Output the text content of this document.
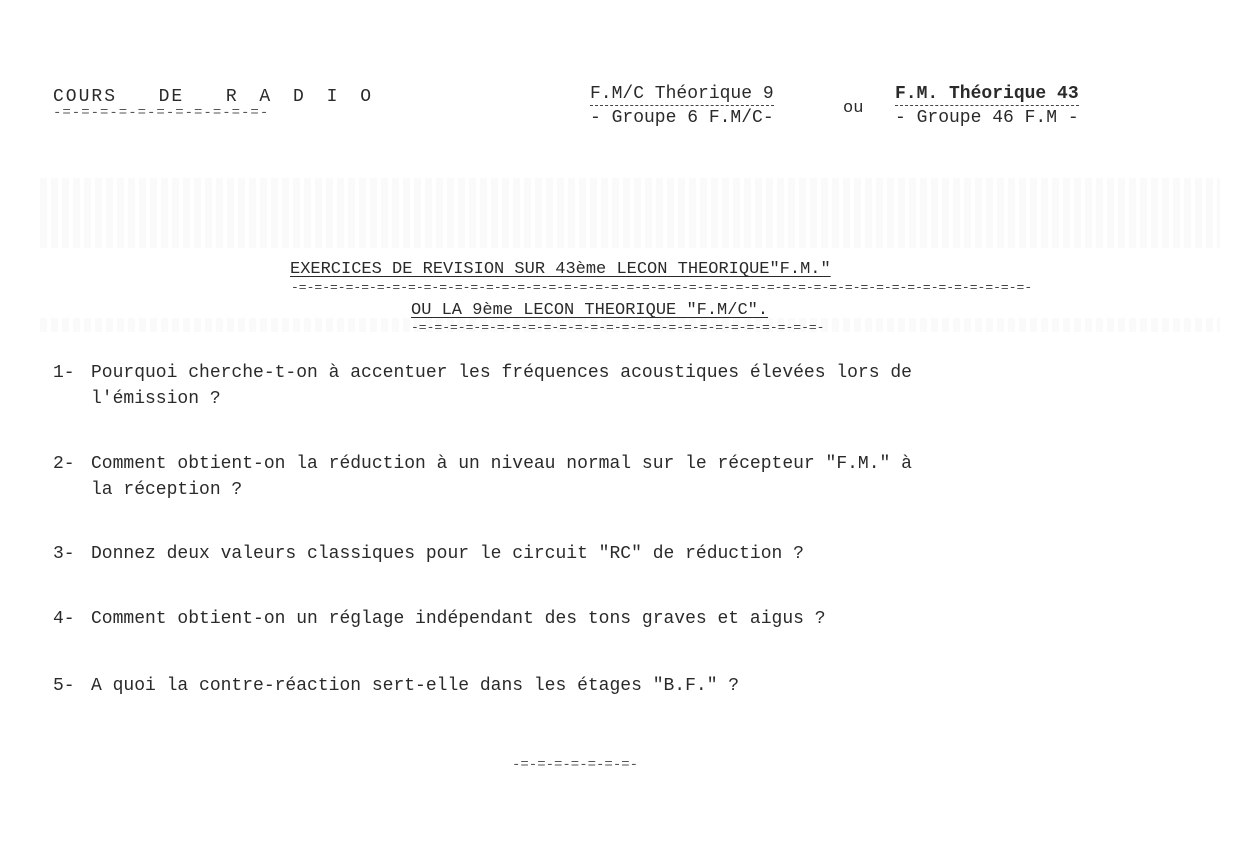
COURS  DE  R A D I O
-=-=-=-=-=-=-=-=-=-=-=-
F.M/C Théorique 9
- Groupe 6 F.M/C-	ou
F.M. Théorique 43
- Groupe 46 F.M -
EXERCICES DE REVISION SUR 43ème LECON THEORIQUE"F.M."
-=-=-=-=-=-=-=-=-=-=-=-=-=-=-=-=-=-=-=-=-=-=-=-=-=-=-=-=-=-=-=-=-=-=-=-=-=-=-=-=-=-=-=-=-=-=-=-
OU LA 9ème LECON THEORIQUE "F.M/C".
-=-=-=-=-=-=-=-=-=-=-=-=-=-=-=-=-=-=-=-=-=-=-=-=-=-=-
1- Pourquoi cherche-t-on à accentuer les fréquences acoustiques élevées lors de
l'émission ?
2- Comment obtient-on la réduction à un niveau normal sur le récepteur "F.M." à
la réception ?
3- Donnez deux valeurs classiques pour le circuit "RC" de réduction ?
4- Comment obtient-on un réglage indépendant des tons graves et aigus ?
5- A quoi la contre-réaction sert-elle dans les étages "B.F." ?
-=-=-=-=-=-=-=-
